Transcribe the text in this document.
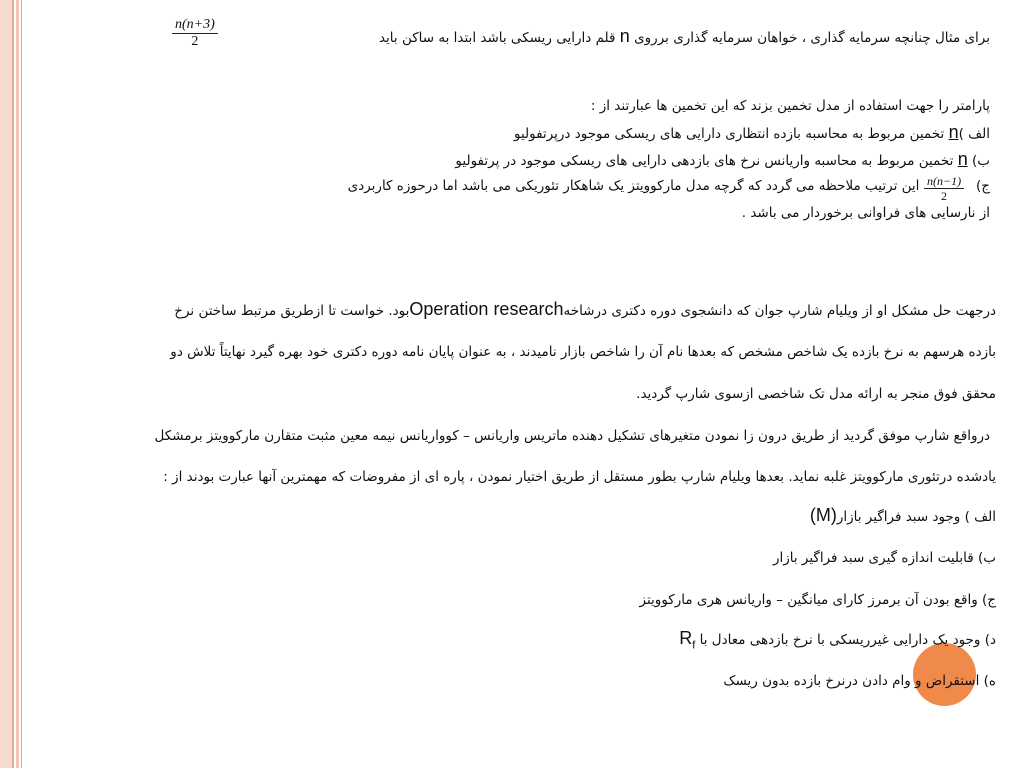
$\frac{n(n+3)}{2}$	برای مثال چنانچه سرمایه گذاری ، خواهان سرمایه گذاری برروی n قلم دارایی ریسکی باشد ابتدا به ساکن باید
پارامتر را جهت استفاده از مدل تخمین بزند که این تخمین ها عبارتند از :
الف )n تخمین مربوط به محاسبه بازده انتظاری دارایی های ریسکی موجود درپرتفولیو
ب) n تخمین مربوط به محاسبه واریانس نرخ های بازدهی دارایی های ریسکی موجود در پرتفولیو
ج)  این ترتیب ملاحظه می گردد که گرچه مدل مارکوویتز یک شاهکار تئوریکی می باشد اما درحوزه کاربردی $\frac{n(n-1)}{2}$
از نارسایی های فراوانی برخوردار می باشد .
درجهت حل مشکل او از ویلیام شارپ جوان که دانشجوی دوره دکتری درشاخهOperation researchبود. خواست تا ازطریق مرتبط ساختن نرخ
بازده هرسهم به نرخ بازده یک شاخص مشخص که بعدها نام آن را شاخص بازار نامیدند ، به عنوان پایان نامه دوره دکتری خود بهره گیرد نهایتاً تلاش دو
محقق فوق منجر به ارائه مدل تک شاخصی ازسوی شارپ گردید.
درواقع شارپ موفق گردید از طریق درون زا نمودن متغیرهای تشکیل دهنده ماتریس واریانس – کوواریانس نیمه معین مثبت متقارن مارکوویتز برمشکل
یادشده درتئوری مارکوویتز غلبه نماید. بعدها ویلیام شارپ بطور مستقل از طریق اختیار نمودن ، پاره ای از مفروضات که مهمترین آنها عبارت بودند از :
الف ) وجود سبد فراگیر بازار(M)
ب) قابلیت اندازه گیری سبد فراگیر بازار
ج) واقع بودن آن برمرز کارای میانگین – واریانس هری مارکوویتز
د) وجود یک دارایی غیرریسکی با نرخ بازدهی معادل با $R_f$
ه) استقراض و وام دادن درنرخ بازده بدون ریسک
